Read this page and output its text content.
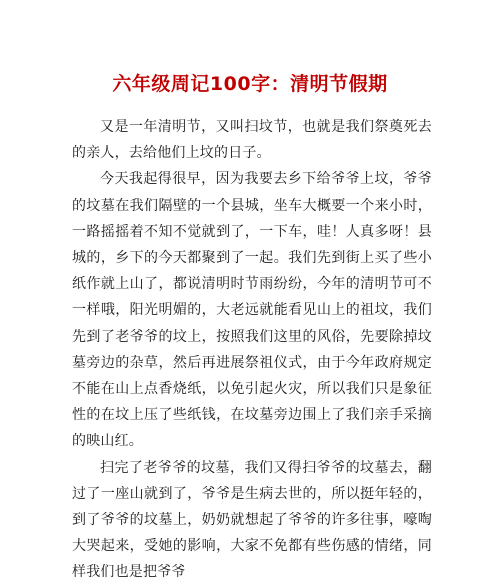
六年级周记100字：清明节假期

又是一年清明节，又叫扫坟节，也就是我们祭奠死去的亲人，去给他们上坟的日子。

今天我起得很早，因为我要去乡下给爷爷上坟，爷爷的坟墓在我们隔壁的一个县城，坐车大概要一个来小时，一路摇摇着不知不觉就到了，一下车，哇！人真多呀！县城的，乡下的今天都聚到了一起。我们先到街上买了些小纸作就上山了，都说清明时节雨纷纷，今年的清明节可不一样哦，阳光明媚的，大老远就能看见山上的祖坟，我们先到了老爷爷的坟上，按照我们这里的风俗，先要除掉坟墓旁边的杂草，然后再进展祭祖仪式，由于今年政府规定不能在山上点香烧纸，以免引起火灾，所以我们只是象征性的在坟上压了些纸钱，在坟墓旁边围上了我们亲手采摘的映山红。

扫完了老爷爷的坟墓，我们又得扫爷爷的坟墓去，翻过了一座山就到了，爷爷是生病去世的，所以挺年轻的，到了爷爷的坟墓上，奶奶就想起了爷爷的许多往事，嚎啕大哭起来，受她的影响，大家不免都有些伤感的情绪，同样我们也是把爷爷
